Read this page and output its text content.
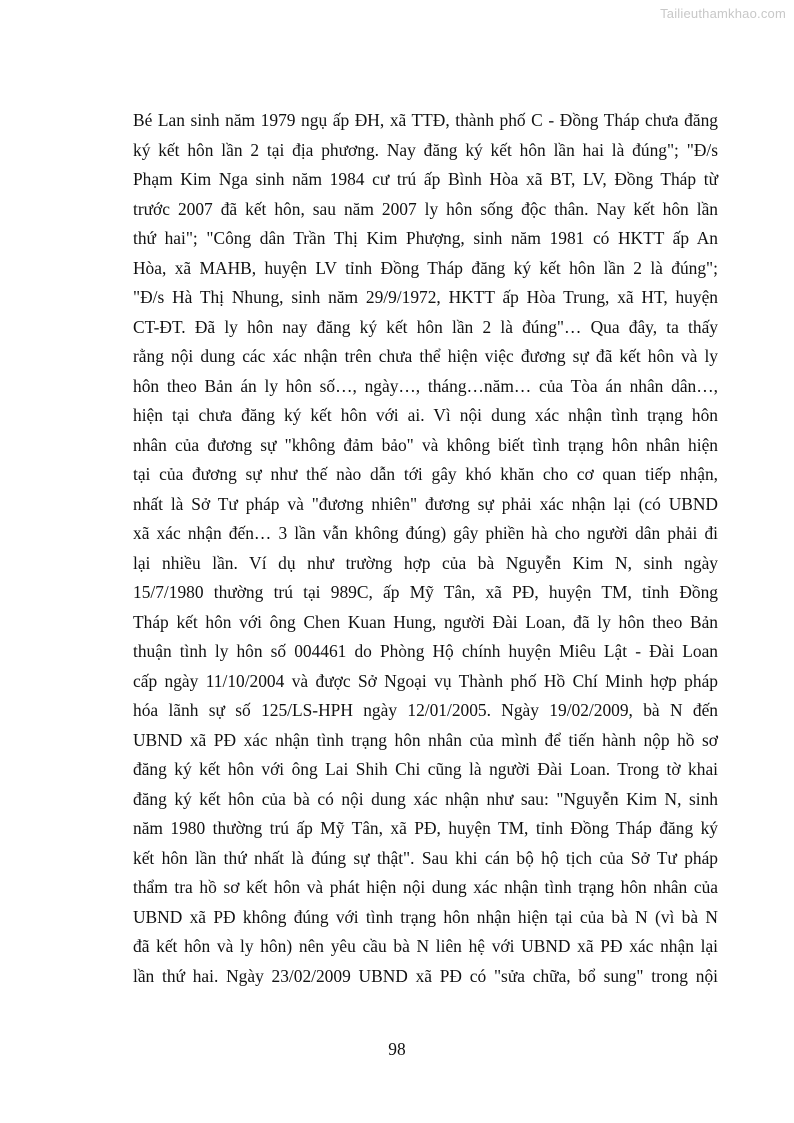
Tailieuthamkhao.com
Bé Lan sinh năm 1979 ngụ ấp ĐH, xã TTĐ, thành phố C - Đồng Tháp chưa đăng
ký kết hôn lần 2 tại địa phương. Nay đăng ký kết hôn lần hai là đúng"; "Đ/s
Phạm Kim Nga sinh năm 1984 cư trú ấp Bình Hòa xã BT, LV, Đồng Tháp từ
trước 2007 đã kết hôn, sau năm 2007 ly hôn sống độc thân. Nay kết hôn lần
thứ hai"; "Công dân Trần Thị Kim Phượng, sinh năm 1981 có HKTT ấp An
Hòa, xã MAHB, huyện LV tỉnh Đồng Tháp đăng ký kết hôn lần 2 là đúng";
"Đ/s Hà Thị Nhung, sinh năm 29/9/1972, HKTT ấp Hòa Trung, xã HT, huyện
CT-ĐT. Đã ly hôn nay đăng ký kết hôn lần 2 là đúng"… Qua đây, ta thấy
rằng nội dung các xác nhận trên chưa thể hiện việc đương sự đã kết hôn và ly
hôn theo Bản án ly hôn số…, ngày…, tháng…năm… của Tòa án nhân dân…,
hiện tại chưa đăng ký kết hôn với ai. Vì nội dung xác nhận tình trạng hôn
nhân của đương sự "không đảm bảo" và không biết tình trạng hôn nhân hiện
tại của đương sự như thế nào dẫn tới gây khó khăn cho cơ quan tiếp nhận,
nhất là Sở Tư pháp và "đương nhiên" đương sự phải xác nhận lại (có UBND
xã xác nhận đến… 3 lần vẫn không đúng) gây phiền hà cho người dân phải đi
lại nhiều lần. Ví dụ như trường hợp của bà Nguyễn Kim N, sinh ngày
15/7/1980 thường trú tại 989C, ấp Mỹ Tân, xã PĐ, huyện TM, tỉnh Đồng
Tháp kết hôn với ông Chen Kuan Hung, người Đài Loan, đã ly hôn theo Bản
thuận tình ly hôn số 004461 do Phòng Hộ chính huyện Miêu Lật - Đài Loan
cấp ngày 11/10/2004 và được Sở Ngoại vụ Thành phố Hồ Chí Minh hợp pháp
hóa lãnh sự số 125/LS-HPH ngày 12/01/2005. Ngày 19/02/2009, bà N đến
UBND xã PĐ xác nhận tình trạng hôn nhân của mình để tiến hành nộp hồ sơ
đăng ký kết hôn với ông Lai Shih Chi cũng là người Đài Loan. Trong tờ khai
đăng ký kết hôn của bà có nội dung xác nhận như sau: "Nguyễn Kim N, sinh
năm 1980 thường trú ấp Mỹ Tân, xã PĐ, huyện TM, tỉnh Đồng Tháp đăng ký
kết hôn lần thứ nhất là đúng sự thật". Sau khi cán bộ hộ tịch của Sở Tư pháp
thẩm tra hồ sơ kết hôn và phát hiện nội dung xác nhận tình trạng hôn nhân của
UBND xã PĐ không đúng với tình trạng hôn nhận hiện tại của bà N (vì bà N
đã kết hôn và ly hôn) nên yêu cầu bà N liên hệ với UBND xã PĐ xác nhận lại
lần thứ hai. Ngày 23/02/2009 UBND xã PĐ có "sửa chữa, bổ sung" trong nội
98
